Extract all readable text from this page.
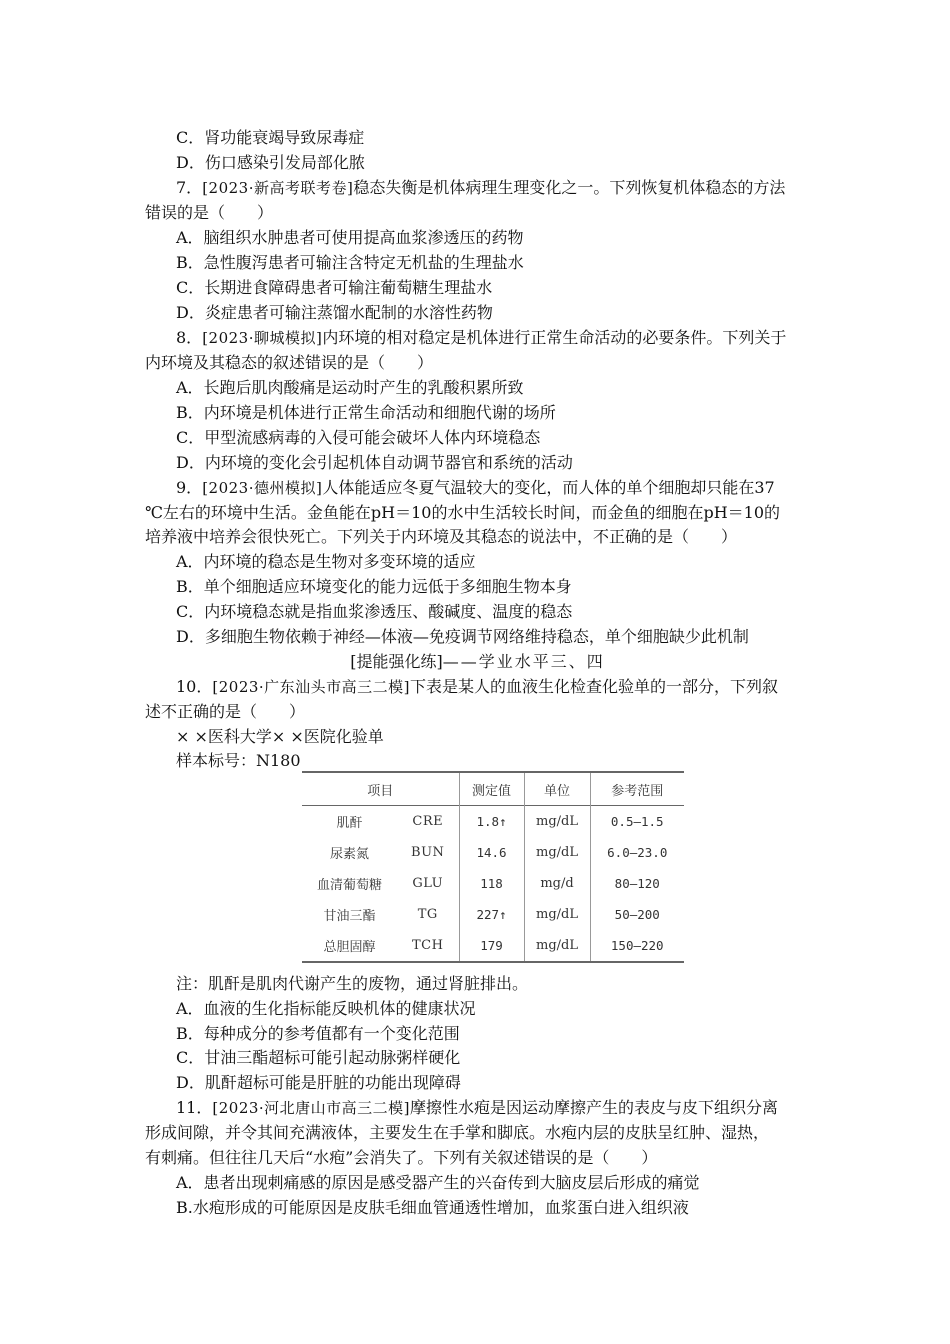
C．肾功能衰竭导致尿毒症
D．伤口感染引发局部化脓
7．[2023·新高考联考卷]稳态失衡是机体病理生理变化之一。下列恢复机体稳态的方法
错误的是（　　）
A．脑组织水肿患者可使用提高血浆渗透压的药物
B．急性腹泻患者可输注含特定无机盐的生理盐水
C．长期进食障碍患者可输注葡萄糖生理盐水
D．炎症患者可输注蒸馏水配制的水溶性药物
8．[2023·聊城模拟]内环境的相对稳定是机体进行正常生命活动的必要条件。下列关于
内环境及其稳态的叙述错误的是（　　）
A．长跑后肌肉酸痛是运动时产生的乳酸积累所致
B．内环境是机体进行正常生命活动和细胞代谢的场所
C．甲型流感病毒的入侵可能会破坏人体内环境稳态
D．内环境的变化会引起机体自动调节器官和系统的活动
9．[2023·德州模拟]人体能适应冬夏气温较大的变化，而人体的单个细胞却只能在37
℃左右的环境中生活。金鱼能在pH＝10的水中生活较长时间，而金鱼的细胞在pH＝10的
培养液中培养会很快死亡。下列关于内环境及其稳态的说法中，不正确的是（　　）
A．内环境的稳态是生物对多变环境的适应
B．单个细胞适应环境变化的能力远低于多细胞生物本身
C．内环境稳态就是指血浆渗透压、酸碱度、温度的稳态
D．多细胞生物依赖于神经—体液—免疫调节网络维持稳态，单个细胞缺少此机制
[提能强化练]——学业水平三、四
10．[2023·广东汕头市高三二模]下表是某人的血液生化检查化验单的一部分，下列叙
述不正确的是（　　）
× ×医科大学× ×医院化验单
样本标号：N180
项目		测定值	单位	参考范围
肌酐	CRE	1.8↑	mg/dL	0.5—1.5
尿素氮	BUN	14.6	mg/dL	6.0—23.0
血清葡萄糖	GLU	118	mg/d	80—120
甘油三酯	TG	227↑	mg/dL	50—200
总胆固醇	TCH	179	mg/dL	150—220
注：肌酐是肌肉代谢产生的废物，通过肾脏排出。
A．血液的生化指标能反映机体的健康状况
B．每种成分的参考值都有一个变化范围
C．甘油三酯超标可能引起动脉粥样硬化
D．肌酐超标可能是肝脏的功能出现障碍
11．[2023·河北唐山市高三二模]摩擦性水疱是因运动摩擦产生的表皮与皮下组织分离
形成间隙，并令其间充满液体，主要发生在手掌和脚底。水疱内层的皮肤呈红肿、湿热，
有刺痛。但往往几天后“水疱”会消失了。下列有关叙述错误的是（　　）
A．患者出现刺痛感的原因是感受器产生的兴奋传到大脑皮层后形成的痛觉
B.水疱形成的可能原因是皮肤毛细血管通透性增加，血浆蛋白进入组织液
